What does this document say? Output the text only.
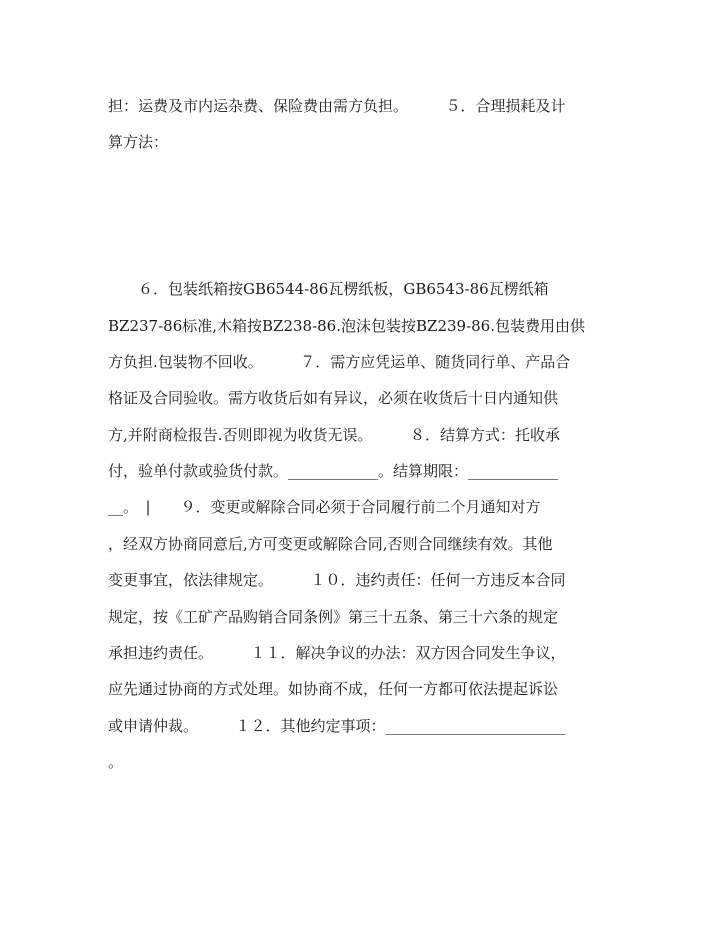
担：运费及市内运杂费、保险费由需方负担。　　　５．合理损耗及计
算方法：
　　６．包装纸箱按GB6544-86瓦楞纸板，GB6543-86瓦楞纸箱
BZ237-86标准,木箱按BZ238-86.泡沫包装按BZ239-86.包装费用由供
方负担.包装物不回收。　　　７．需方应凭运单、随货同行单、产品合
格证及合同验收。需方收货后如有异议，必须在收货后十日内通知供
方,并附商检报告.否则即视为收货无误。　　　８．结算方式：托收承
付，验单付款或验货付款。____________。结算期限：____________
__。　|　　９．变更或解除合同必须于合同履行前二个月通知对方
，经双方协商同意后,方可变更或解除合同,否则合同继续有效。其他
变更事宜，依法律规定。　　　１０．违约责任：任何一方违反本合同
规定，按《工矿产品购销合同条例》第三十五条、第三十六条的规定
承担违约责任。　　　１１．解决争议的办法：双方因合同发生争议，
应先通过协商的方式处理。如协商不成，任何一方都可依法提起诉讼
或申请仲裁。　　　１２．其他约定事项：________________________
。
